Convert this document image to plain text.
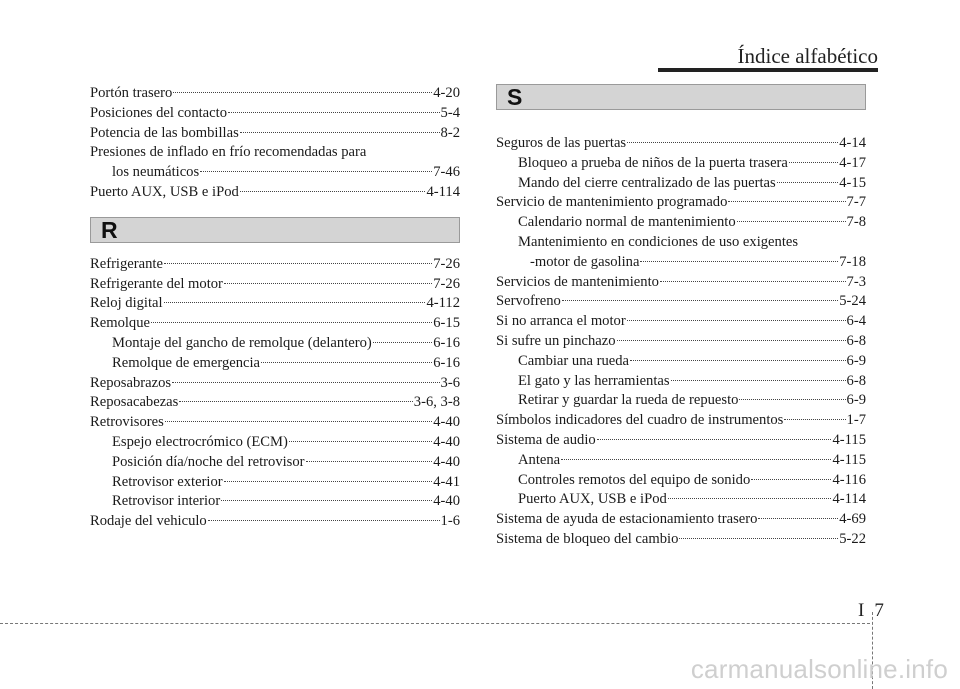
Índice alfabético
Portón trasero	4-20
Posiciones del contacto	5-4
Potencia de las bombillas	8-2
Presiones de inflado en frío recomendadas para
los neumáticos	7-46
Puerto AUX, USB e iPod	4-114
R
Refrigerante	7-26
Refrigerante del motor	7-26
Reloj digital	4-112
Remolque	6-15
Montaje del gancho de remolque (delantero)	6-16
Remolque de emergencia	6-16
Reposabrazos	3-6
Reposacabezas	3-6, 3-8
Retrovisores	4-40
Espejo electrocrómico (ECM)	4-40
Posición día/noche del retrovisor	4-40
Retrovisor exterior	4-41
Retrovisor interior	4-40
Rodaje del vehiculo	1-6
S
Seguros de las puertas	4-14
Bloqueo a prueba de niños de la puerta trasera	4-17
Mando del cierre centralizado de las puertas	4-15
Servicio de mantenimiento programado	7-7
Calendario normal de mantenimiento	7-8
Mantenimiento en condiciones de uso exigentes
-motor de gasolina	7-18
Servicios de mantenimiento	7-3
Servofreno	5-24
Si no arranca el motor	6-4
Si sufre un pinchazo	6-8
Cambiar una rueda	6-9
El gato y las herramientas	6-8
Retirar y guardar la rueda de repuesto	6-9
Símbolos indicadores del cuadro de instrumentos	1-7
Sistema de audio	4-115
Antena	4-115
Controles remotos del equipo de sonido	4-116
Puerto AUX, USB e iPod	4-114
Sistema de ayuda de estacionamiento trasero	4-69
Sistema de bloqueo del cambio	5-22
I 7
carmanualsonline.info
